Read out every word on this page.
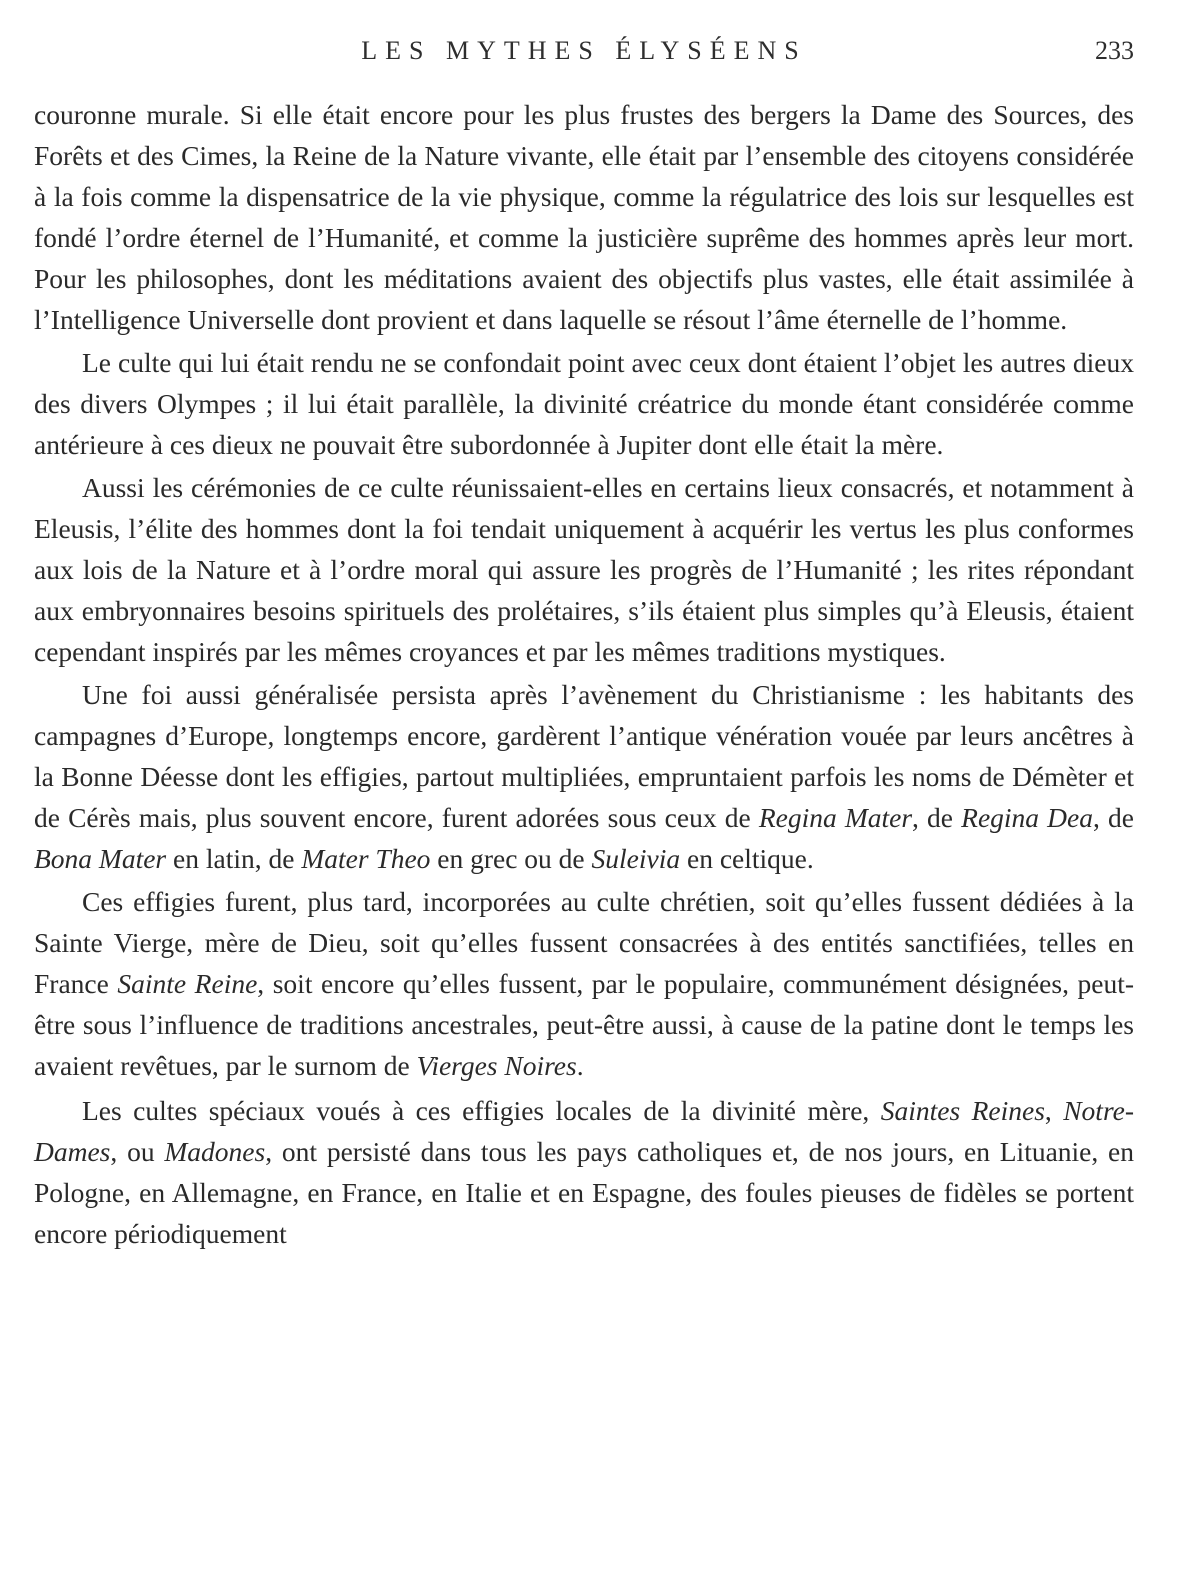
LES MYTHES ÉLYSÉENS	233

couronne murale. Si elle était encore pour les plus frustes des bergers la Dame des Sources, des Forêts et des Cimes, la Reine de la Nature vivante, elle était par l’ensemble des citoyens considérée à la fois comme la dispensatrice de la vie physique, comme la régulatrice des lois sur lesquelles est fondé l’ordre éternel de l’Humanité, et comme la justicière suprême des hommes après leur mort. Pour les philosophes, dont les méditations avaient des objectifs plus vastes, elle était assimilée à l’Intelligence Universelle dont provient et dans laquelle se résout l’âme éternelle de l’homme.

Le culte qui lui était rendu ne se confondait point avec ceux dont étaient l’objet les autres dieux des divers Olympes ; il lui était parallèle, la divinité créatrice du monde étant considérée comme antérieure à ces dieux ne pouvait être subordonnée à Jupiter dont elle était la mère.

Aussi les cérémonies de ce culte réunissaient-elles en certains lieux consacrés, et notamment à Eleusis, l’élite des hommes dont la foi tendait uniquement à acquérir les vertus les plus conformes aux lois de la Nature et à l’ordre moral qui assure les progrès de l’Humanité ; les rites répondant aux embryonnaires besoins spirituels des prolétaires, s’ils étaient plus simples qu’à Eleusis, étaient cependant inspirés par les mêmes croyances et par les mêmes traditions mystiques.

Une foi aussi généralisée persista après l’avènement du Christianisme : les habitants des campagnes d’Europe, longtemps encore, gardèrent l’antique vénération vouée par leurs ancêtres à la Bonne Déesse dont les effigies, partout multipliées, empruntaient parfois les noms de Démèter et de Cérès mais, plus souvent encore, furent adorées sous ceux de Regina Mater, de Regina Dea, de Bona Mater en latin, de Mater Theo en grec ou de Suleivia en celtique.

Ces effigies furent, plus tard, incorporées au culte chrétien, soit qu’elles fussent dédiées à la Sainte Vierge, mère de Dieu, soit qu’elles fussent consacrées à des entités sanctifiées, telles en France Sainte Reine, soit encore qu’elles fussent, par le populaire, communément désignées, peut-être sous l’influence de traditions ancestrales, peut-être aussi, à cause de la patine dont le temps les avaient revêtues, par le surnom de Vierges Noires.

Les cultes spéciaux voués à ces effigies locales de la divinité mère, Saintes Reines, Notre-Dames, ou Madones, ont persisté dans tous les pays catholiques et, de nos jours, en Lituanie, en Pologne, en Allemagne, en France, en Italie et en Espagne, des foules pieuses de fidèles se portent encore périodiquement
